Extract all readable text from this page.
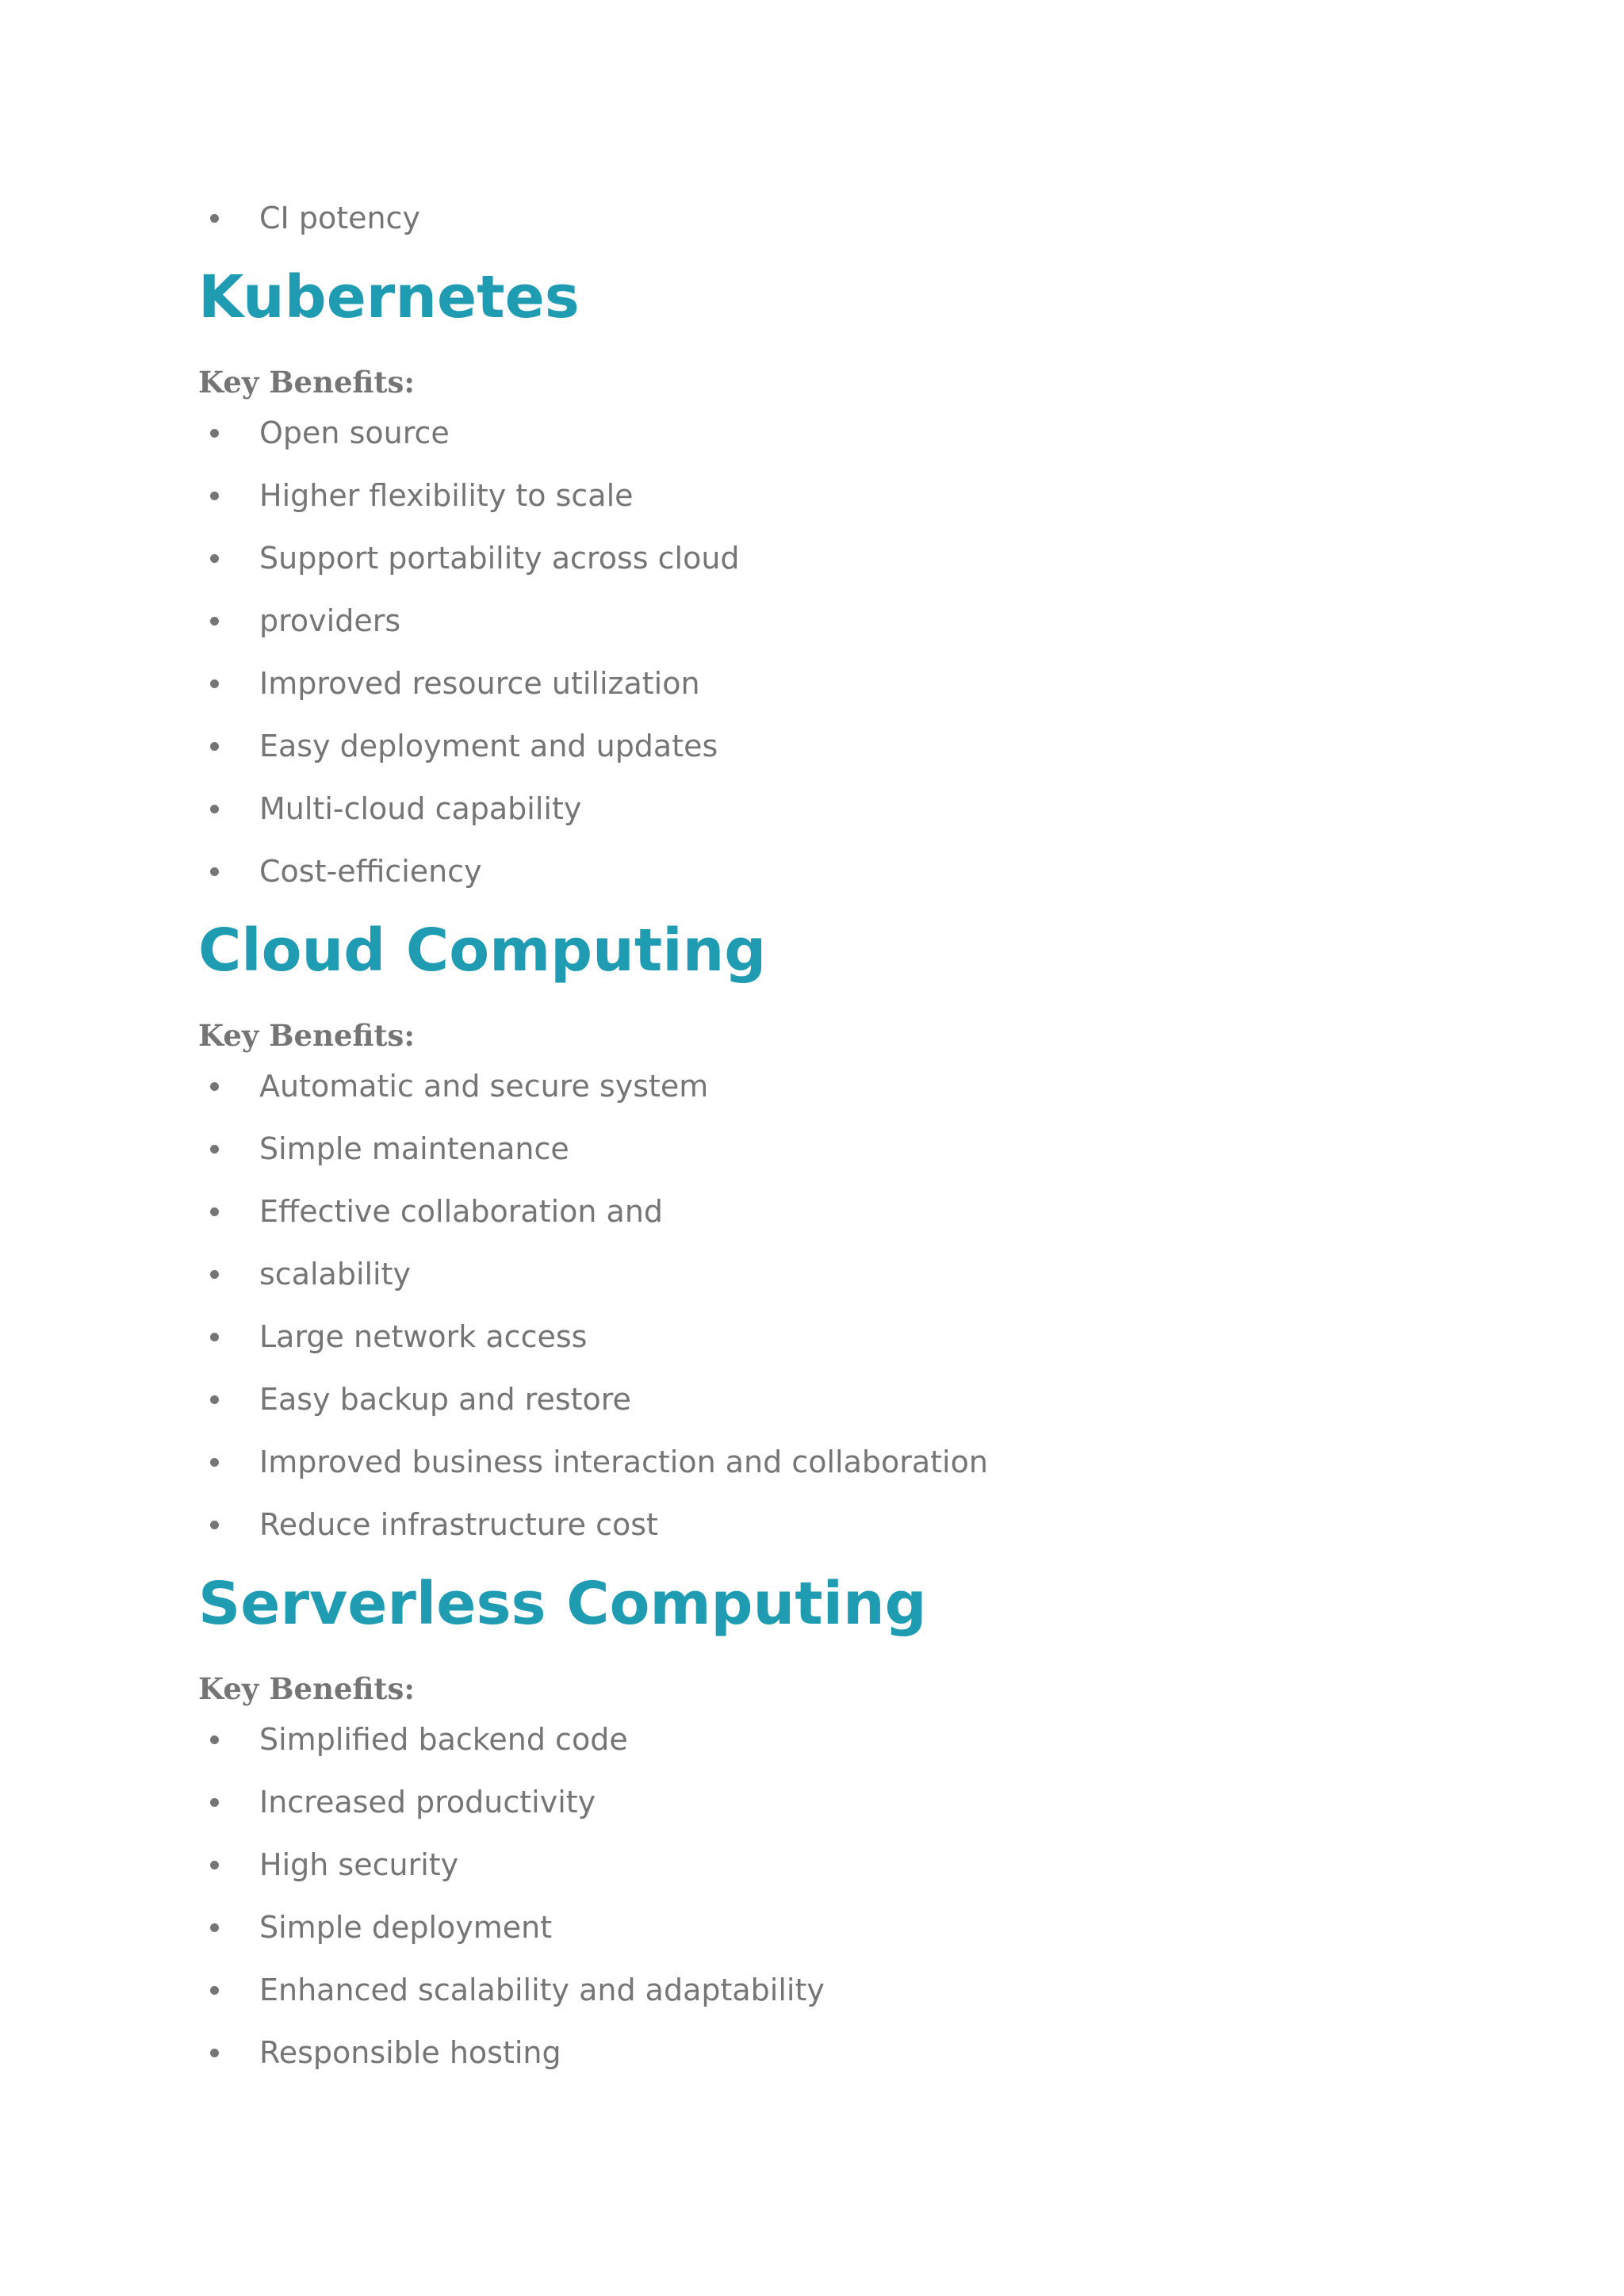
CI potency
Kubernetes
Key Benefits:
Open source
Higher flexibility to scale
Support portability across cloud
providers
Improved resource utilization
Easy deployment and updates
Multi-cloud capability
Cost-efficiency
Cloud Computing
Key Benefits:
Automatic and secure system
Simple maintenance
Effective collaboration and
scalability
Large network access
Easy backup and restore
Improved business interaction and collaboration
Reduce infrastructure cost
Serverless Computing
Key Benefits:
Simplified backend code
Increased productivity
High security
Simple deployment
Enhanced scalability and adaptability
Responsible hosting
